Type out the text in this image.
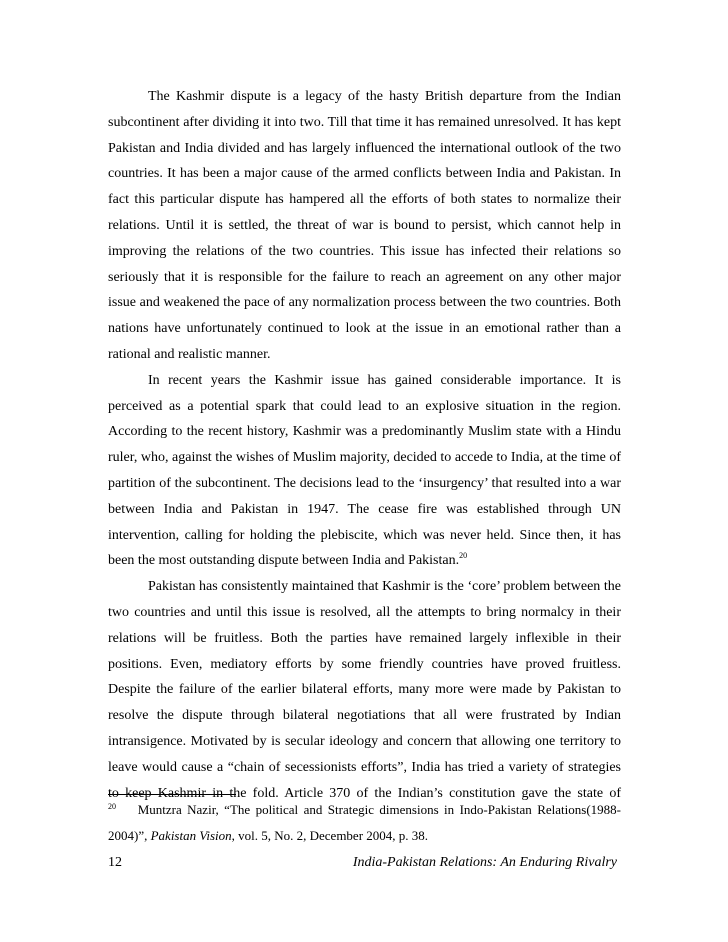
The Kashmir dispute is a legacy of the hasty British departure from the Indian subcontinent after dividing it into two. Till that time it has remained unresolved. It has kept Pakistan and India divided and has largely influenced the international outlook of the two countries. It has been a major cause of the armed conflicts between India and Pakistan. In fact this particular dispute has hampered all the efforts of both states to normalize their relations. Until it is settled, the threat of war is bound to persist, which cannot help in improving the relations of the two countries. This issue has infected their relations so seriously that it is responsible for the failure to reach an agreement on any other major issue and weakened the pace of any normalization process between the two countries. Both nations have unfortunately continued to look at the issue in an emotional rather than a rational and realistic manner.

In recent years the Kashmir issue has gained considerable importance. It is perceived as a potential spark that could lead to an explosive situation in the region. According to the recent history, Kashmir was a predominantly Muslim state with a Hindu ruler, who, against the wishes of Muslim majority, decided to accede to India, at the time of partition of the subcontinent. The decisions lead to the ‘insurgency’ that resulted into a war between India and Pakistan in 1947. The cease fire was established through UN intervention, calling for holding the plebiscite, which was never held. Since then, it has been the most outstanding dispute between India and Pakistan.$^{20}$

Pakistan has consistently maintained that Kashmir is the ‘core’ problem between the two countries and until this issue is resolved, all the attempts to bring normalcy in their relations will be fruitless. Both the parties have remained largely inflexible in their positions. Even, mediatory efforts by some friendly countries have proved fruitless. Despite the failure of the earlier bilateral efforts, many more were made by Pakistan to resolve the dispute through bilateral negotiations that all were frustrated by Indian intransigence. Motivated by is secular ideology and concern that allowing one territory to leave would cause a “chain of secessionists efforts”, India has tried a variety of strategies to keep Kashmir in the fold. Article 370 of the Indian’s constitution gave the state of

$^{20}$ Muntzra Nazir, “The political and Strategic dimensions in Indo-Pakistan Relations(1988-2004)”, Pakistan Vision, vol. 5, No. 2, December 2004, p. 38.
12	India-Pakistan Relations: An Enduring Rivalry
